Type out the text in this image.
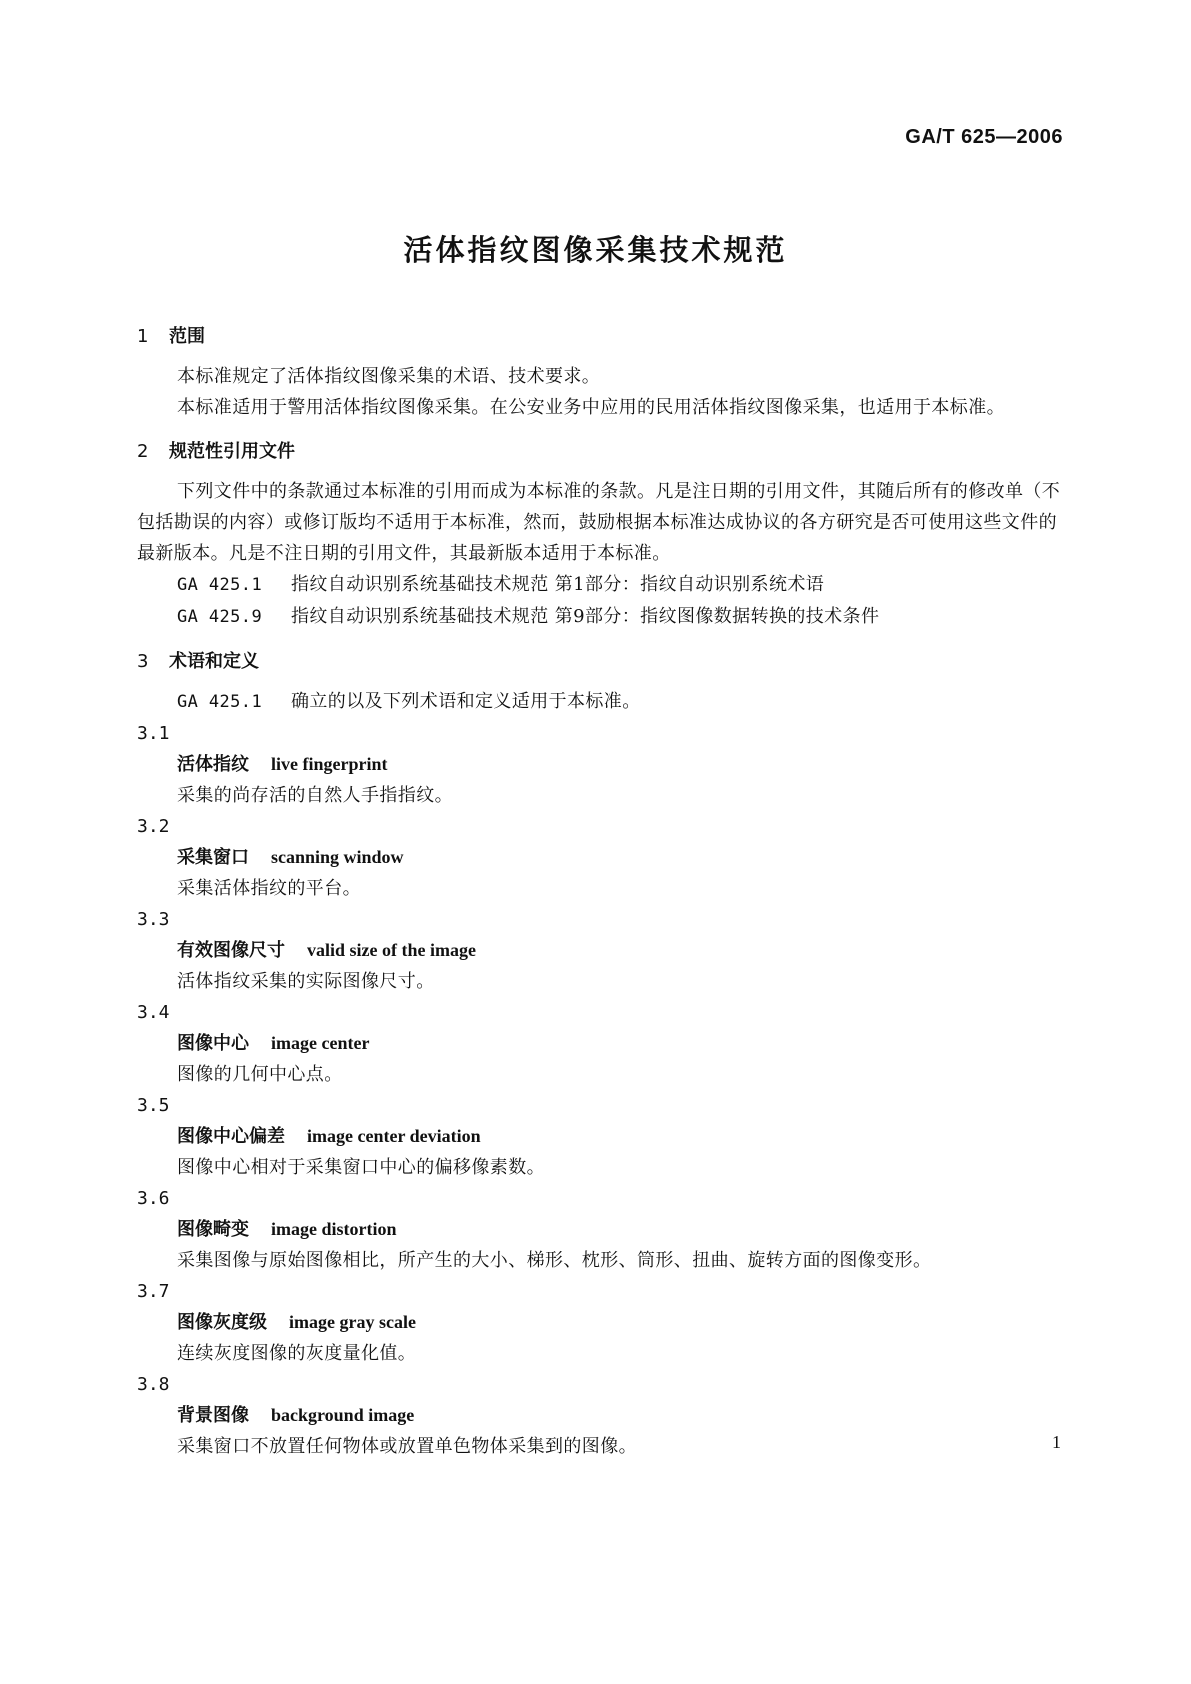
GA/T 625—2006
活体指纹图像采集技术规范
1 范围
本标准规定了活体指纹图像采集的术语、技术要求。
本标准适用于警用活体指纹图像采集。在公安业务中应用的民用活体指纹图像采集，也适用于本标准。
2 规范性引用文件
下列文件中的条款通过本标准的引用而成为本标准的条款。凡是注日期的引用文件，其随后所有的修改单（不包括勘误的内容）或修订版均不适用于本标准，然而，鼓励根据本标准达成协议的各方研究是否可使用这些文件的最新版本。凡是不注日期的引用文件，其最新版本适用于本标准。
GA 425.1 指纹自动识别系统基础技术规范 第1部分：指纹自动识别系统术语
GA 425.9 指纹自动识别系统基础技术规范 第9部分：指纹图像数据转换的技术条件
3 术语和定义
GA 425.1 确立的以及下列术语和定义适用于本标准。
3.1
活体指纹 live fingerprint
采集的尚存活的自然人手指指纹。
3.2
采集窗口 scanning window
采集活体指纹的平台。
3.3
有效图像尺寸 valid size of the image
活体指纹采集的实际图像尺寸。
3.4
图像中心 image center
图像的几何中心点。
3.5
图像中心偏差 image center deviation
图像中心相对于采集窗口中心的偏移像素数。
3.6
图像畸变 image distortion
采集图像与原始图像相比，所产生的大小、梯形、枕形、筒形、扭曲、旋转方面的图像变形。
3.7
图像灰度级 image gray scale
连续灰度图像的灰度量化值。
3.8
背景图像 background image
采集窗口不放置任何物体或放置单色物体采集到的图像。	1
